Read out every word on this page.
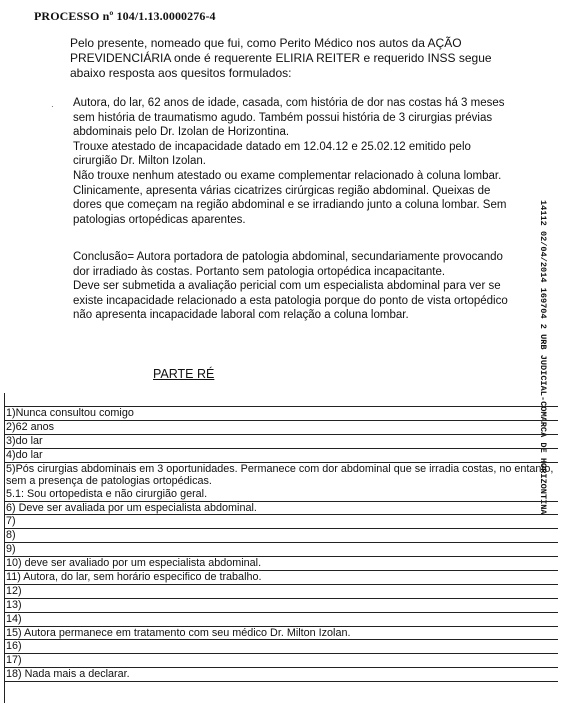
PROCESSO nº 104/1.13.0000276-4
Pelo presente, nomeado que fui, como Perito Médico nos autos da AÇÃO PREVIDENCIÁRIA onde é requerente ELIRIA REITER e requerido INSS segue abaixo resposta aos quesitos formulados:
· Autora, do lar, 62 anos de idade, casada, com história de dor nas costas há 3 meses sem história de traumatismo agudo. Também possui história de 3 cirurgias prévias abdominais pelo Dr. Izolan de Horizontina.

Trouxe atestado de incapacidade datado em 12.04.12 e 25.02.12 emitido pelo cirurgião Dr. Milton Izolan.

Não trouxe nenhum atestado ou exame complementar relacionado à coluna lombar.

Clinicamente, apresenta várias cicatrizes cirúrgicas região abdominal. Queixas de dores que começam na região abdominal e se irradiando junto a coluna lombar. Sem patologias ortopédicas aparentes.

Conclusão= Autora portadora de patologia abdominal, secundariamente provocando dor irradiado às costas. Portanto sem patologia ortopédica incapacitante.

Deve ser submetida a avaliação pericial com um especialista abdominal para ver se existe incapacidade relacionado a esta patologia porque do ponto de vista ortopédico não apresenta incapacidade laboral com relação a coluna lombar.

PARTE RÉ	14112 02/04/2014 169704 2 URB JUDICIAL-COMARCA DE HORIZONTINA
1)Nunca consultou comigo
2)62 anos
3)do lar
4)do lar
5)Pós cirurgias abdominais em 3 oportunidades. Permanece com dor abdominal que se irradia costas, no entanto, sem a presença de patologias ortopédicas.
5.1: Sou ortopedista e não cirurgião geral.
6) Deve ser avaliada por um especialista abdominal.
7)
8)
9)
10) deve ser avaliado por um especialista abdominal.
11) Autora, do lar, sem horário especifico de trabalho.
12)
13)
14)
15) Autora permanece em tratamento com seu médico Dr. Milton Izolan.
16)
17)
18) Nada mais a declarar.
